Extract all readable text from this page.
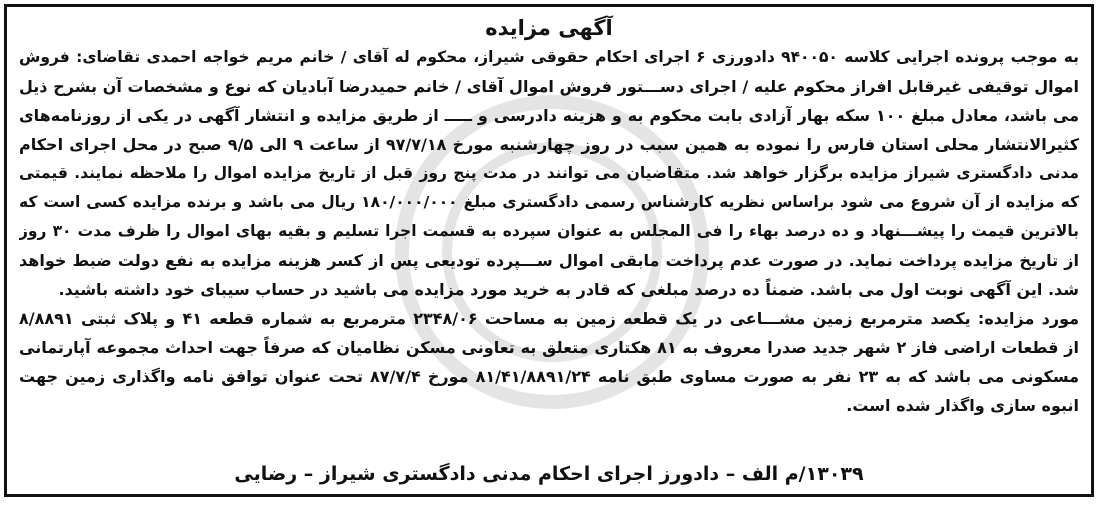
آگهی مزایده
به موجب پرونده اجرایی کلاسه ۹۴۰۰۵۰ دادورزی ۶ اجرای احکام حقوقی شیراز، محکوم له آقای / خانم مریم خواجه احمدی تقاضای: فروش
اموال توقیفی غیرقابل افراز محکوم علیه / اجرای دســـتور فروش اموال آقای / خانم حمیدرضا آبادیان که نوع و مشخصات آن بشرح ذیل
می باشد، معادل مبلغ ۱۰۰ سکه بهار آزادی بابت محکوم به و هزینه دادرسی و ـــــ از طریق مزایده و انتشار آگهی در یکی از روزنامه‌های
کثیرالانتشار محلی استان فارس را نموده به همین سبب در روز چهارشنبه مورخ ۹۷/۷/۱۸ از ساعت ۹ الی ۹/۵ صبح در محل اجرای احکام
مدنی دادگستری شیراز مزایده برگزار خواهد شد. متقاضیان می توانند در مدت پنج روز قبل از تاریخ مزایده اموال را ملاحظه نمایند. قیمتی
که مزایده از آن شروع می شود براساس نظریه کارشناس رسمی دادگستری مبلغ ۱۸۰/۰۰۰/۰۰۰ ریال می باشد و برنده مزایده کسی است که
بالاترین قیمت را پیشـــنهاد و ده درصد بهاء را فی المجلس به عنوان سپرده به قسمت اجرا تسلیم و بقیه بهای اموال را ظرف مدت ۳۰ روز
از تاریخ مزایده پرداخت نماید. در صورت عدم پرداخت مابقی اموال ســـپرده تودیعی پس از کسر هزینه مزایده به نفع دولت ضبط خواهد
شد. این آگهی نوبت اول می باشد. ضمناً ده درصد مبلغی که قادر به خرید مورد مزایده می باشید در حساب سیبای خود داشته باشید.
مورد مزایده: یکصد مترمربع زمین مشـــاعی در یک قطعه زمین به مساحت ۲۳۴۸/۰۶ مترمربع به شماره قطعه ۴۱ و پلاک ثبتی ۸/۸۸۹۱
از قطعات اراضی فاز ۲ شهر جدید صدرا معروف به ۸۱ هکتاری متعلق به تعاونی مسکن نظامیان که صرفاً جهت احداث مجموعه آپارتمانی
مسکونی می باشد که به ۲۳ نفر به صورت مساوی طبق نامه ۸۱/۴۱/۸۸۹۱/۲۴ مورخ ۸۷/۷/۴ تحت عنوان توافق نامه واگذاری زمین جهت
انبوه سازی واگذار شده است.
۱۳۰۳۹/م الف – دادورز اجرای احکام مدنی دادگستری شیراز – رضایی
